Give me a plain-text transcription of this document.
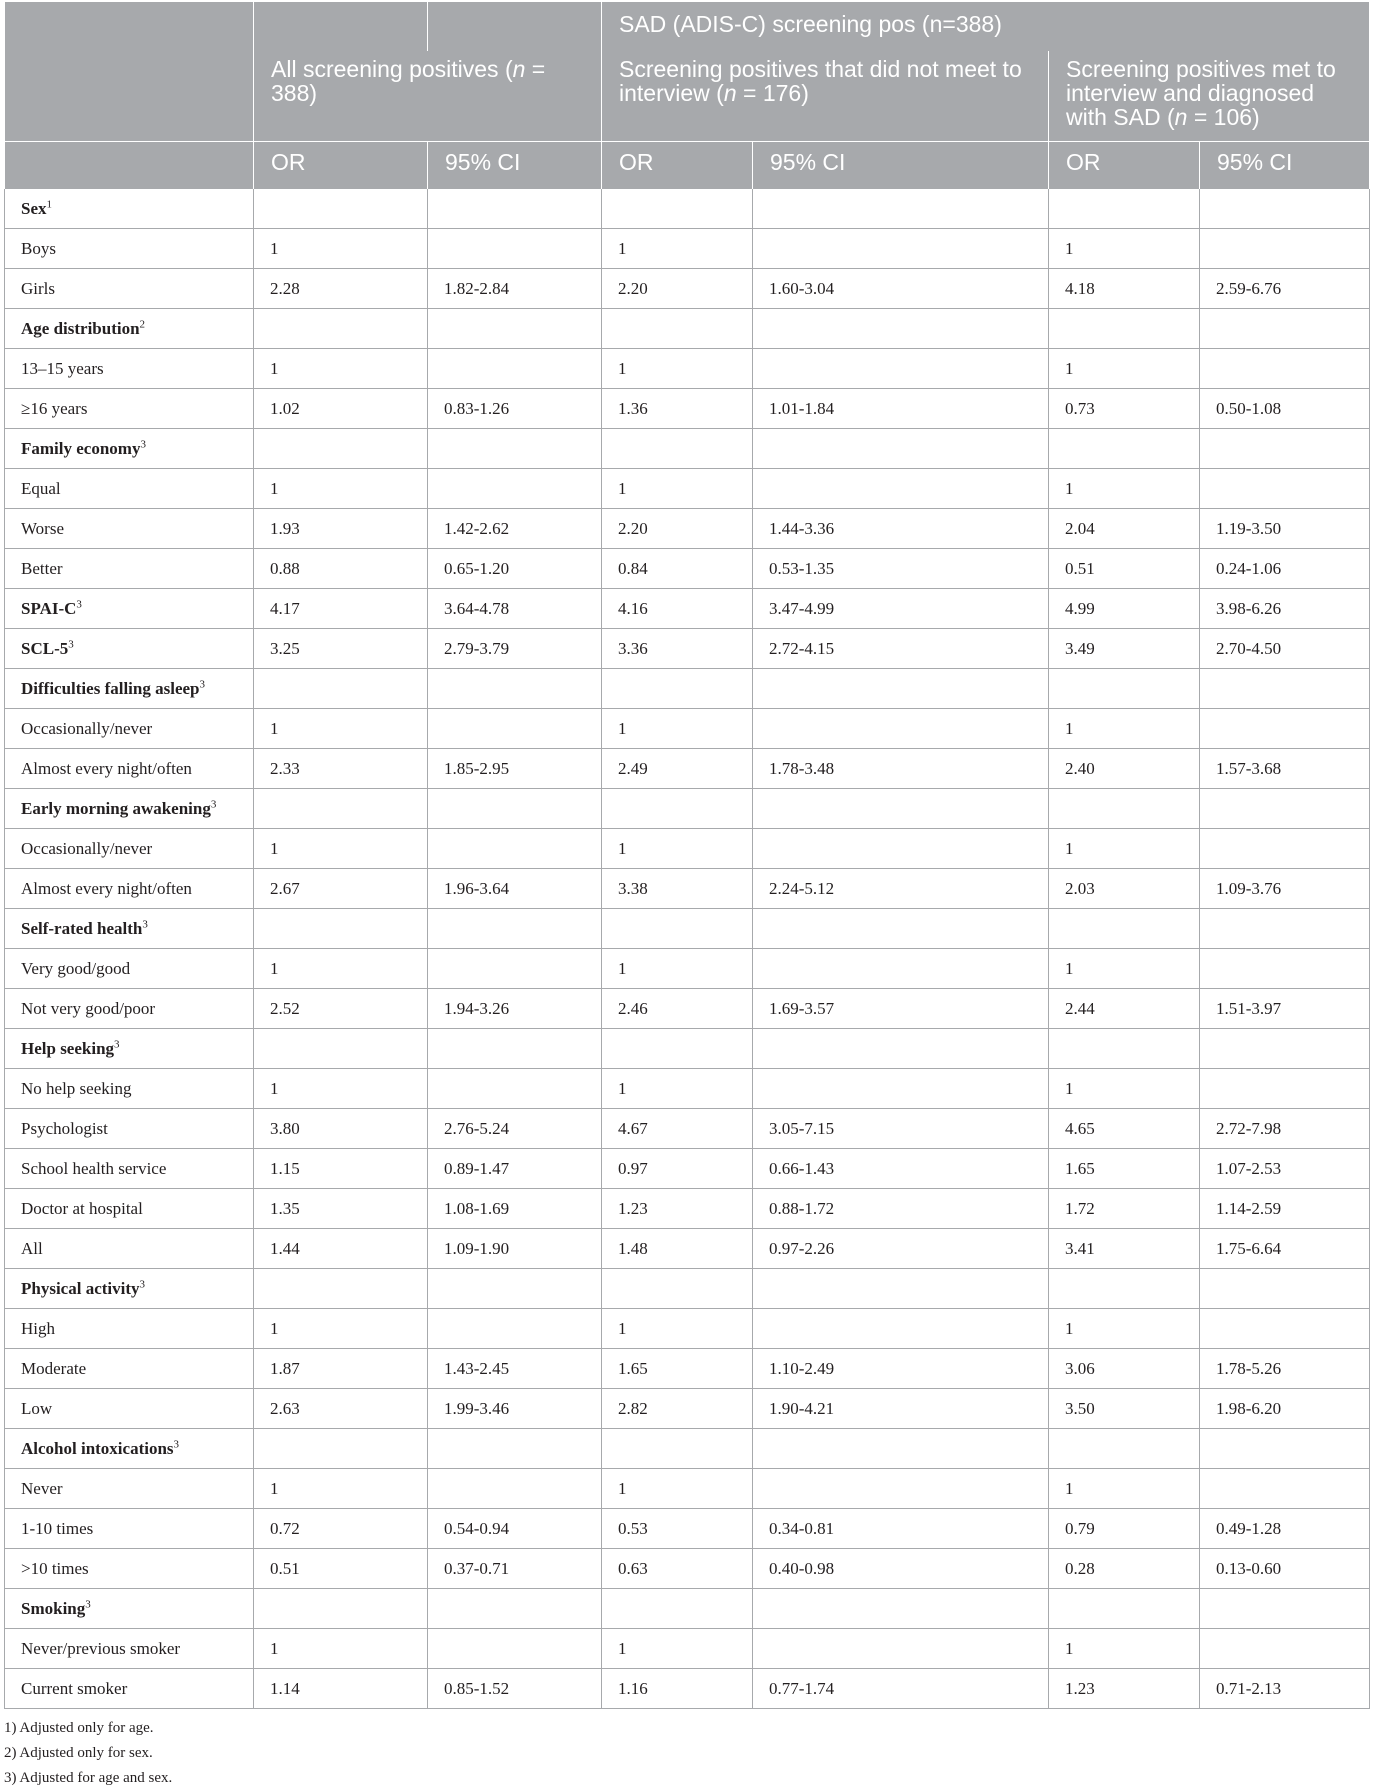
			SAD (ADIS-C) screening pos (n=388)			
	All screening positives (n = 388)		Screening positives that did not meet to interview (n = 176)		Screening positives met to interview and diagnosed with SAD (n = 106)	
	OR	95% CI	OR	95% CI	OR	95% CI
Sex$^1$						
Boys	1		1		1	
Girls	2.28	1.82-2.84	2.20	1.60-3.04	4.18	2.59-6.76
Age distribution$^2$						
13–15 years	1		1		1	
≥16 years	1.02	0.83-1.26	1.36	1.01-1.84	0.73	0.50-1.08
Family economy$^3$						
Equal	1		1		1	
Worse	1.93	1.42-2.62	2.20	1.44-3.36	2.04	1.19-3.50
Better	0.88	0.65-1.20	0.84	0.53-1.35	0.51	0.24-1.06
SPAI-$C^3$	4.17	3.64-4.78	4.16	3.47-4.99	4.99	3.98-6.26
SCL-$5^3$	3.25	2.79-3.79	3.36	2.72-4.15	3.49	2.70-4.50
Difficulties falling asleep$^3$						
Occasionally/never	1		1		1	
Almost every night/often	2.33	1.85-2.95	2.49	1.78-3.48	2.40	1.57-3.68
Early morning awakening$^3$						
Occasionally/never	1		1		1	
Almost every night/often	2.67	1.96-3.64	3.38	2.24-5.12	2.03	1.09-3.76
Self-rated health$^3$						
Very good/good	1		1		1	
Not very good/poor	2.52	1.94-3.26	2.46	1.69-3.57	2.44	1.51-3.97
Help seeking$^3$						
No help seeking	1		1		1	
Psychologist	3.80	2.76-5.24	4.67	3.05-7.15	4.65	2.72-7.98
School health service	1.15	0.89-1.47	0.97	0.66-1.43	1.65	1.07-2.53
Doctor at hospital	1.35	1.08-1.69	1.23	0.88-1.72	1.72	1.14-2.59
All	1.44	1.09-1.90	1.48	0.97-2.26	3.41	1.75-6.64
Physical activity$^3$						
High	1		1		1	
Moderate	1.87	1.43-2.45	1.65	1.10-2.49	3.06	1.78-5.26
Low	2.63	1.99-3.46	2.82	1.90-4.21	3.50	1.98-6.20
Alcohol intoxications$^3$						
Never	1		1		1	
1-10 times	0.72	0.54-0.94	0.53	0.34-0.81	0.79	0.49-1.28
>10 times	0.51	0.37-0.71	0.63	0.40-0.98	0.28	0.13-0.60
Smoking$^3$						
Never/previous smoker	1		1		1	
Current smoker	1.14	0.85-1.52	1.16	0.77-1.74	1.23	0.71-2.13
1) Adjusted only for age.
2) Adjusted only for sex.
3) Adjusted for age and sex.
